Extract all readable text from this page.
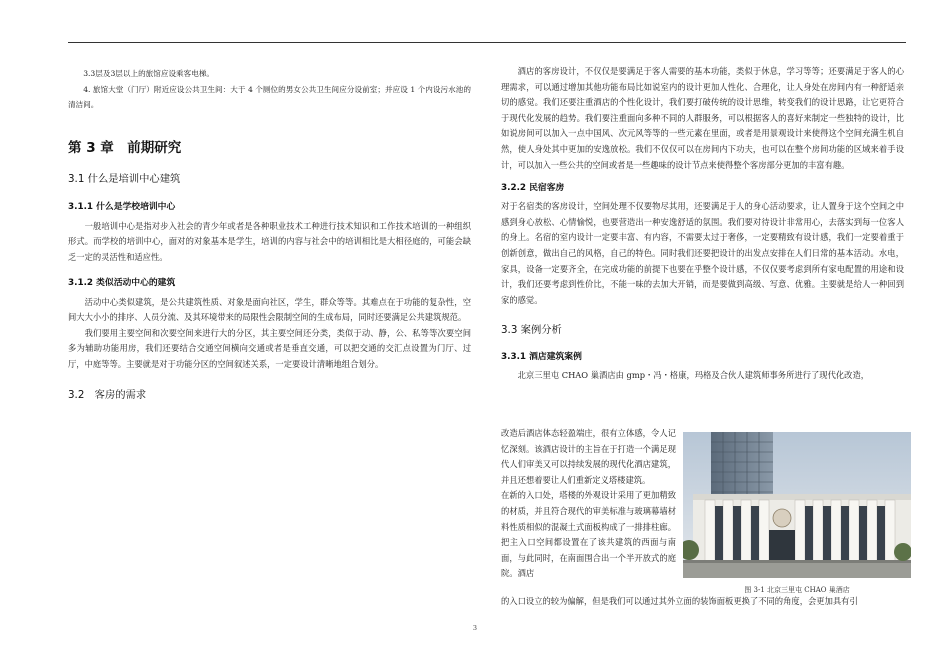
3.3层及3层以上的旅馆应设乘客电梯。

4. 旅馆大堂（门厅）附近应设公共卫生间：大于 4 个厕位的男女公共卫生间应分设前室；并应设 1 个内设污水池的清洁间。

第 3 章　前期研究
3.1 什么是培训中心建筑
3.1.1 什么是学校培训中心

一般培训中心是指对步入社会的青少年或者是各种职业技术工种进行技术知识和工作技术培训的一种组织形式。而学校的培训中心，面对的对象基本是学生，培训的内容与社会中的培训相比是大相径庭的，可能会缺乏一定的灵活性和适应性。

3.1.2 类似活动中心的建筑

活动中心类似建筑，是公共建筑性质、对象是面向社区，学生，群众等等。其难点在于功能的复杂性，空间大大小小的排序、人员分流、及其环境带来的局限性会限制空间的生成布局，同时还要满足公共建筑规范。

我们要用主要空间和次要空间来进行大的分区，其主要空间还分类，类似于动、静，公、私等等次要空间多为辅助功能用房，我们还要结合交通空间横向交通或者是垂直交通，可以把交通的交汇点设置为门厅、过厅，中庭等等。主要就是对于功能分区的空间叙述关系，一定要设计清晰地组合划分。

3.2　客房的需求

酒店的客房设计，不仅仅是要满足于客人需要的基本功能，类似于休息，学习等等；还要满足于客人的心理需求，可以通过增加其他功能布局比如说室内的设计更加人性化、合理化，让人身处在房间内有一种舒适亲切的感觉。我们还要注重酒店的个性化设计，我们要打破传统的设计思维，转变我们的设计思路，让它更符合于现代化发展的趋势。我们要注重面向多种不同的人群服务，可以根据客人的喜好来制定一些独特的设计，比如说房间可以加入一点中国风、次元风等等的一些元素在里面，或者是用景观设计来使得这个空间充满生机自然，使人身处其中更加的安逸放松。我们不仅仅可以在房间内下功夫，也可以在整个房间功能的区域来着手设计，可以加入一些公共的空间或者是一些趣味的设计节点来使得整个客房部分更加的丰富有趣。

3.2.2 民宿客房

对于名宿类的客房设计，空间处理不仅要物尽其用，还要满足于人的身心活动要求，让人置身于这个空间之中感到身心放松、心情愉悦，也要营造出一种安逸舒适的氛围。我们要对待设计非常用心，去落实到每一位客人的身上。名宿的室内设计一定要丰富、有内容，不需要太过于奢侈，一定要精致有设计感，我们一定要着重于创新创意，做出自己的风格，自己的特色。同时我们还要把设计的出发点安排在人们日常的基本活动。水电，家具，设备一定要齐全，在完成功能的前提下也要在乎整个设计感，不仅仅要考虑到所有家电配置的用途和设计，我们还要考虑到性价比，不能一味的去加大开销，而是要做到高级、写意、优雅。主要就是给人一种回到家的感觉。

3.3 案例分析
3.3.1 酒店建筑案例

北京三里屯 CHAO 巢酒店由 gmp・冯・格康，玛格及合伙人建筑师事务所进行了现代化改造，

改造后酒店体态轻盈端庄，很有立体感，令人记忆深刻。该酒店设计的主旨在于打造一个满足现代人们审美又可以持续发展的现代化酒店建筑，并且还想着要让人们重新定义塔楼建筑。

在新的入口处，塔楼的外观设计采用了更加精致的材质，并且符合现代的审美标准与玻璃幕墙材料性质相似的混凝土式面板构成了一排排柱廊。把主入口空间都设置在了该共建筑的西面与南面，与此同时，在南面围合出一个半开放式的庭院。酒店

的入口设立的较为偏解，但是我们可以通过其外立面的装饰面板更换了不同的角度，会更加具有引

图 3-1 北京三里屯 CHAO 巢酒店

3
